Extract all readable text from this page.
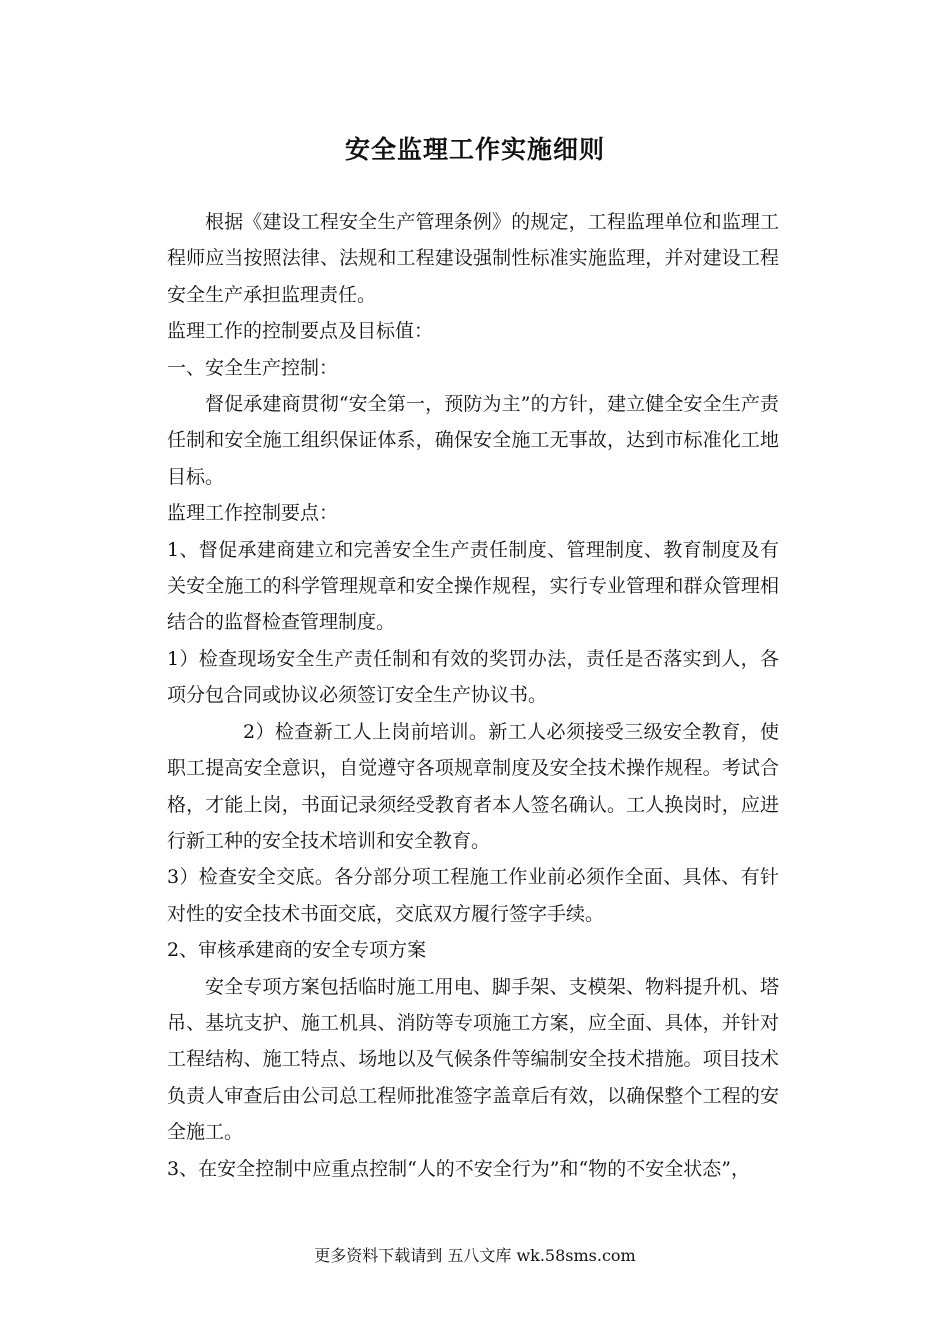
安全监理工作实施细则

根据《建设工程安全生产管理条例》的规定，工程监理单位和监理工程师应当按照法律、法规和工程建设强制性标准实施监理，并对建设工程安全生产承担监理责任。

监理工作的控制要点及目标值：

一、安全生产控制：

督促承建商贯彻“安全第一，预防为主”的方针，建立健全安全生产责任制和安全施工组织保证体系，确保安全施工无事故，达到市标准化工地目标。

监理工作控制要点：

1、督促承建商建立和完善安全生产责任制度、管理制度、教育制度及有关安全施工的科学管理规章和安全操作规程，实行专业管理和群众管理相结合的监督检查管理制度。

1）检查现场安全生产责任制和有效的奖罚办法，责任是否落实到人，各项分包合同或协议必须签订安全生产协议书。

2）检查新工人上岗前培训。新工人必须接受三级安全教育，使职工提高安全意识，自觉遵守各项规章制度及安全技术操作规程。考试合格，才能上岗，书面记录须经受教育者本人签名确认。工人换岗时，应进行新工种的安全技术培训和安全教育。

3）检查安全交底。各分部分项工程施工作业前必须作全面、具体、有针对性的安全技术书面交底，交底双方履行签字手续。

2、审核承建商的安全专项方案

安全专项方案包括临时施工用电、脚手架、支模架、物料提升机、塔吊、基坑支护、施工机具、消防等专项施工方案，应全面、具体，并针对工程结构、施工特点、场地以及气候条件等编制安全技术措施。项目技术负责人审查后由公司总工程师批准签字盖章后有效，以确保整个工程的安全施工。

3、在安全控制中应重点控制“人的不安全行为”和“物的不安全状态”，

更多资料下载请到 五八文库 wk.58sms.com
